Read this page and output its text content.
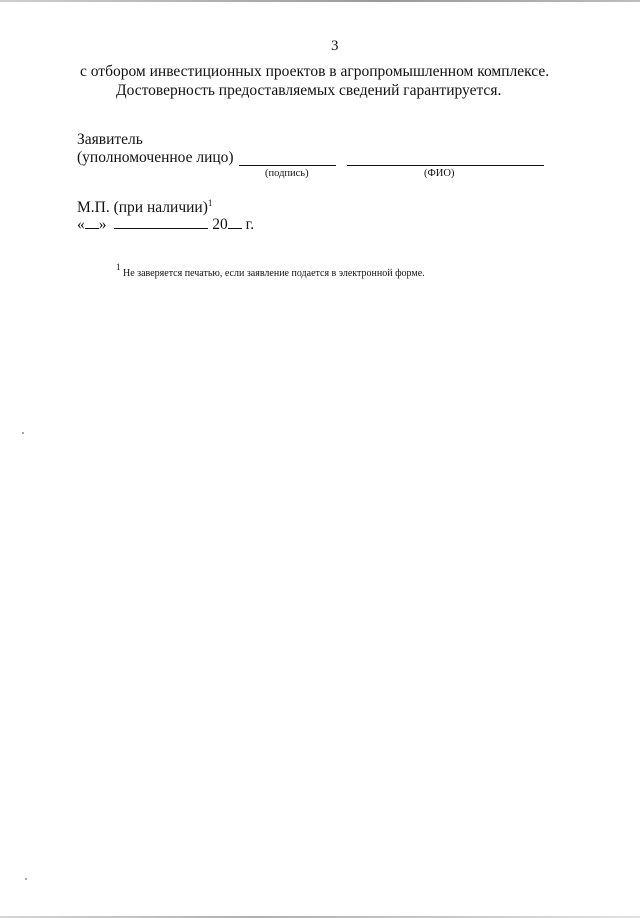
3
с отбором инвестиционных проектов в агропромышленном комплексе.
Достоверность предоставляемых сведений гарантируется.
Заявитель
(уполномоченное лицо)
(подпись)	(ФИО)
М.П. (при наличии)$^1$
« »	20 г.
$^1$ Не заверяется печатью, если заявление подается в электронной форме.
